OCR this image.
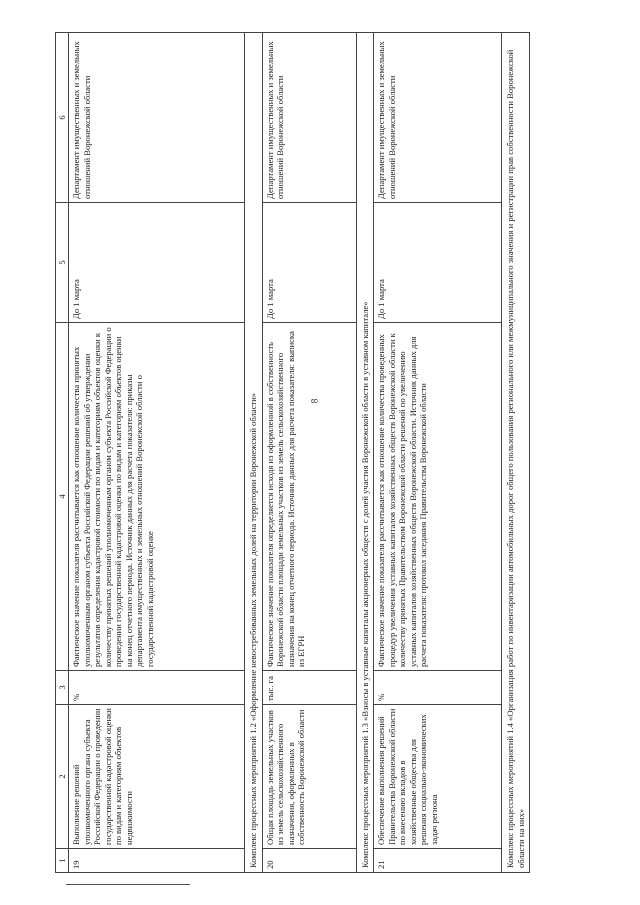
8
1	2	3	4	5	6
19	Выполнение решений уполномоченного органа субъекта Российской Федерации о проведении государственной кадастровой оценки по видам и категориям объектов недвижимости	%	Фактическое значение показателя рассчитывается как отношение количества принятых уполномоченным органом субъекта Российской Федерации решений об утверждении результатов определения кадастровой стоимости по видам и категориям объектов оценки к количеству принятых решений уполномоченным органом субъекта Российской Федерации о проведении государственной кадастровой оценки по видам и категориям объектов оценки на конец отчетного периода. Источник данных для расчета показателя: приказы департамента имущественных и земельных отношений Воронежской области о государственной кадастровой оценке	До 1 марта	Департамент имущественных и земельных отношений Воронежской области
Комплекс процессных мероприятий 1.2 «Оформление невостребованных земельных долей на территории Воронежской области»					
20	Общая площадь земельных участков из земель сельскохозяйственного назначения, оформленных в собственность Воронежской области	тыс. га	Фактическое значение показателя определяется исходя из оформленной в собственность Воронежской области площади земельных участков из земель сельскохозяйственного назначения на конец отчетного периода. Источник данных для расчета показателя: выписка из ЕГРН	До 1 марта	Департамент имущественных и земельных отношений Воронежской области
Комплекс процессных мероприятий 1.3 «Взносы в уставные капиталы акционерных обществ с долей участия Воронежской области в уставном капитале»					
21	Обеспечение выполнения решений Правительства Воронежской области по внесению вкладов в хозяйственные общества для решения социально-экономических задач региона	%	Фактическое значение показателя рассчитывается как отношение количества проведенных процедур увеличения уставных капиталов хозяйственных обществ Воронежской области к количеству принятых Правительством Воронежской области решений по увеличению уставных капиталов хозяйственных обществ Воронежской области. Источник данных для расчета показателя: протокол заседания Правительства Воронежской области	До 1 марта	Департамент имущественных и земельных отношений Воронежской области
Комплекс процессных мероприятий 1.4 «Организация работ по инвентаризации автомобильных дорог общего пользования регионального или межмуниципального значения и регистрации прав собственности Воронежской области на них»					
